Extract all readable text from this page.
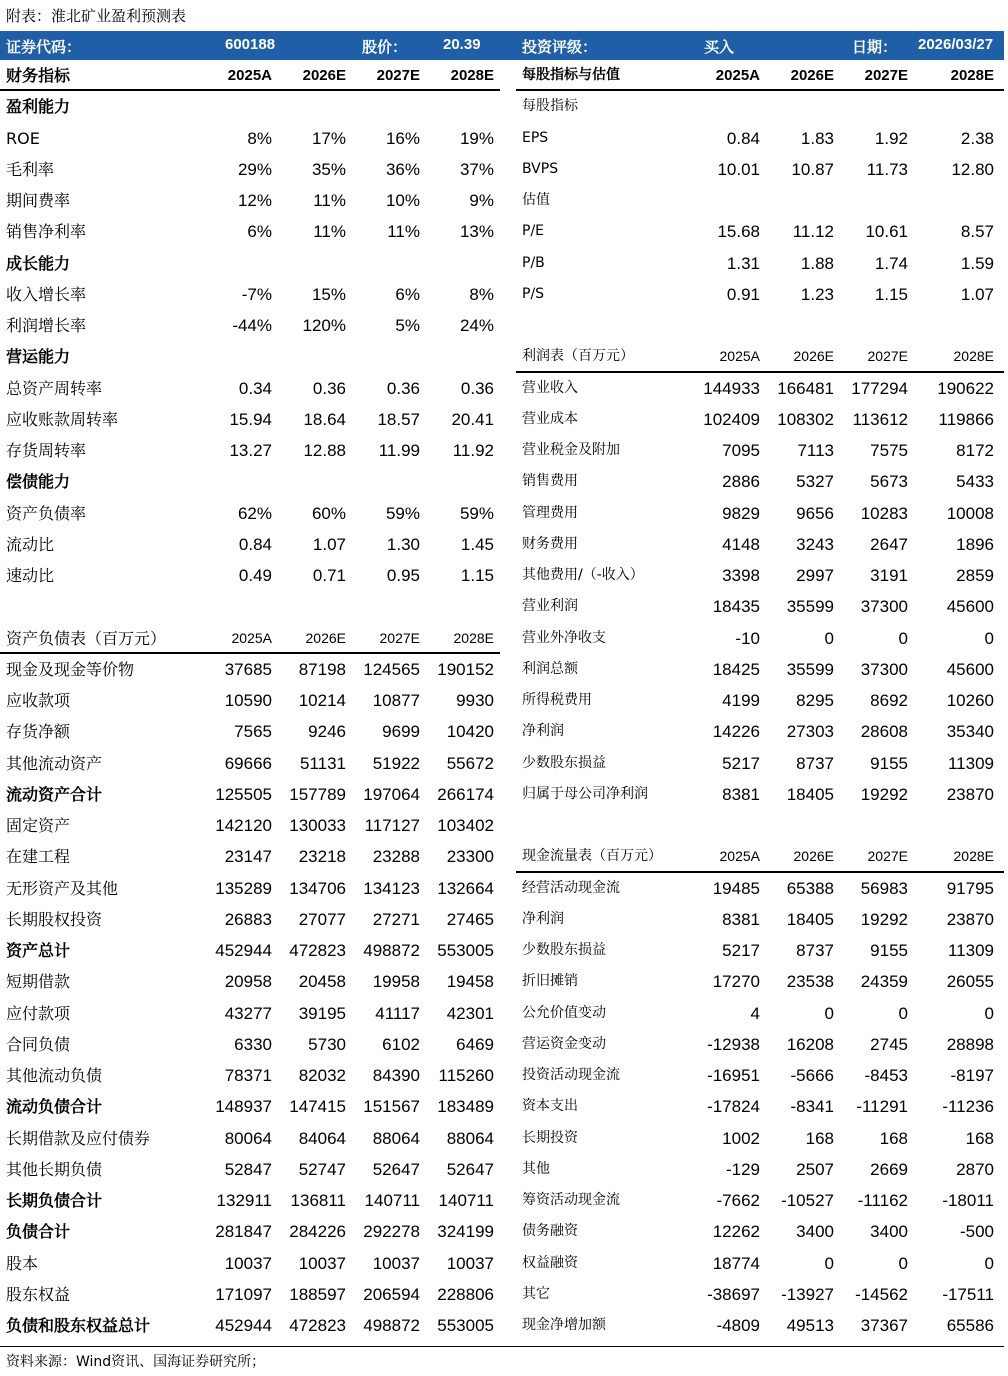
附表：淮北矿业盈利预测表
证券代码：	600188	股价： 20.39	投资评级：	买入	日期： 2026/03/27
财务指标	2025A 2026E 2027E 2028E
盈利能力
ROE	8% 17% 16% 19%
毛利率	29% 35% 36% 37%
期间费率	12% 11% 10%	9%
销售净利率	6% 11% 11% 13%
成长能力
收入增长率	-7% 15%	6%	8%
利润增长率	-44% 120%	5% 24%
营运能力
总资产周转率	0.34 0.36 0.36 0.36
应收账款周转率	15.94 18.64 18.57 20.41
存货周转率	13.27 12.88 11.99 11.92
偿债能力
资产负债率	62% 60% 59% 59%
流动比	0.84 1.07 1.30 1.45
速动比	0.49 0.71 0.95 1.15
资产负债表（百万元）	2025A 2026E 2027E 2028E
现金及现金等价物	37685 87198 124565 190152
应收款项	10590 10214 10877 9930
存货净额	7565 9246 9699 10420
其他流动资产	69666 51131 51922 55672
流动资产合计	125505 157789 197064 266174
固定资产	142120 130033 117127 103402
在建工程	23147 23218 23288 23300
无形资产及其他	135289 134706 134123 132664
长期股权投资	26883 27077 27271 27465
资产总计	452944 472823 498872 553005
短期借款	20958 20458 19958 19458
应付款项	43277 39195 41117 42301
合同负债	6330 5730 6102 6469
其他流动负债	78371 82032 84390 115260
流动负债合计	148937 147415 151567 183489
长期借款及应付债券	80064 84064 88064 88064
其他长期负债	52847 52747 52647 52647
长期负债合计	132911 136811 140711 140711
负债合计	281847 284226 292278 324199
股本	10037 10037 10037 10037
股东权益	171097 188597 206594 228806
负债和股东权益总计	452944 472823 498872 553005
每股指标与估值	2025A 2026E 2027E	2028E
每股指标
EPS	0.84 1.83 1.92	2.38
BVPS	10.01 10.87 11.73	12.80
估值
P/E	15.68 11.12 10.61	8.57
P/B	1.31 1.88 1.74	1.59
P/S	0.91 1.23 1.15	1.07
利润表（百万元）	2025A 2026E 2027E	2028E
营业收入	144933 166481 177294 190622
营业成本	102409 108302 113612 119866
营业税金及附加	7095 7113 7575	8172
销售费用	2886 5327 5673	5433
管理费用	9829 9656 10283 10008
财务费用	4148 3243 2647	1896
其他费用/（-收入）	3398 2997 3191	2859
营业利润	18435 35599 37300 45600
营业外净收支	-10	0	0	0
利润总额	18425 35599 37300 45600
所得税费用	4199 8295 8692 10260
净利润	14226 27303 28608 35340
少数股东损益	5217 8737 9155 11309
归属于母公司净利润	8381 18405 19292 23870
现金流量表（百万元）	2025A 2026E 2027E	2028E
经营活动现金流	19485 65388 56983 91795
净利润	8381 18405 19292 23870
少数股东损益	5217 8737 9155 11309
折旧摊销	17270 23538 24359 26055
公允价值变动	4	0	0	0
营运资金变动	-12938 16208 2745 28898
投资活动现金流	-16951 -5666 -8453	-8197
资本支出	-17824 -8341 -11291 -11236
长期投资	1002	168	168	168
其他	-129 2507 2669	2870
筹资活动现金流	-7662 -10527 -11162 -18011
债务融资	12262 3400 3400	-500
权益融资	18774	0	0	0
其它	-38697 -13927 -14562 -17511
现金净增加额	-4809 49513 37367 65586
资料来源：Wind资讯、国海证券研究所；
